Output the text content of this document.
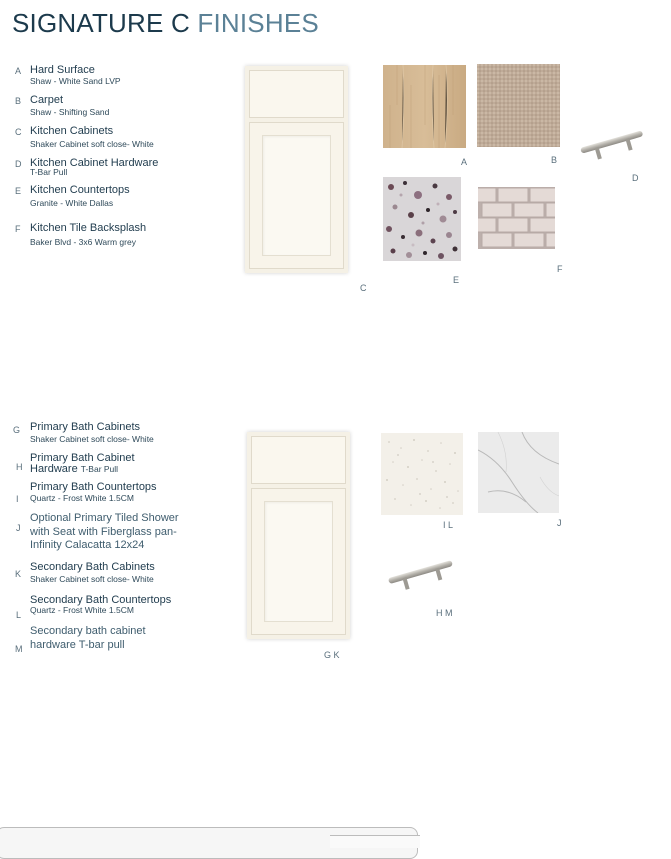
SIGNATURE C FINISHES
A Hard Surface
Shaw - White Sand LVP
B Carpet
Shaw - Shifting Sand
C Kitchen Cabinets
Shaker Cabinet soft close- White
D Kitchen Cabinet Hardware
T-Bar Pull
E Kitchen Countertops
Granite - White Dallas
F Kitchen Tile Backsplash
Baker Blvd - 3x6 Warm grey
G Primary Bath Cabinets
Shaker Cabinet soft close- White
H
Primary Bath Cabinet
Hardware T-Bar Pull
I
Primary Bath Countertops
Quartz - Frost White 1.5CM
J
Optional Primary Tiled Shower with Seat with Fiberglass pan- Infinity Calacatta 12x24
K
Secondary Bath Cabinets
Shaker Cabinet soft close- White
L
Secondary Bath Countertops
Quartz - Frost White 1.5CM
M
Secondary bath cabinet hardware T-bar pull
C
A	B
D
E
F
G K
I L	J
H M
